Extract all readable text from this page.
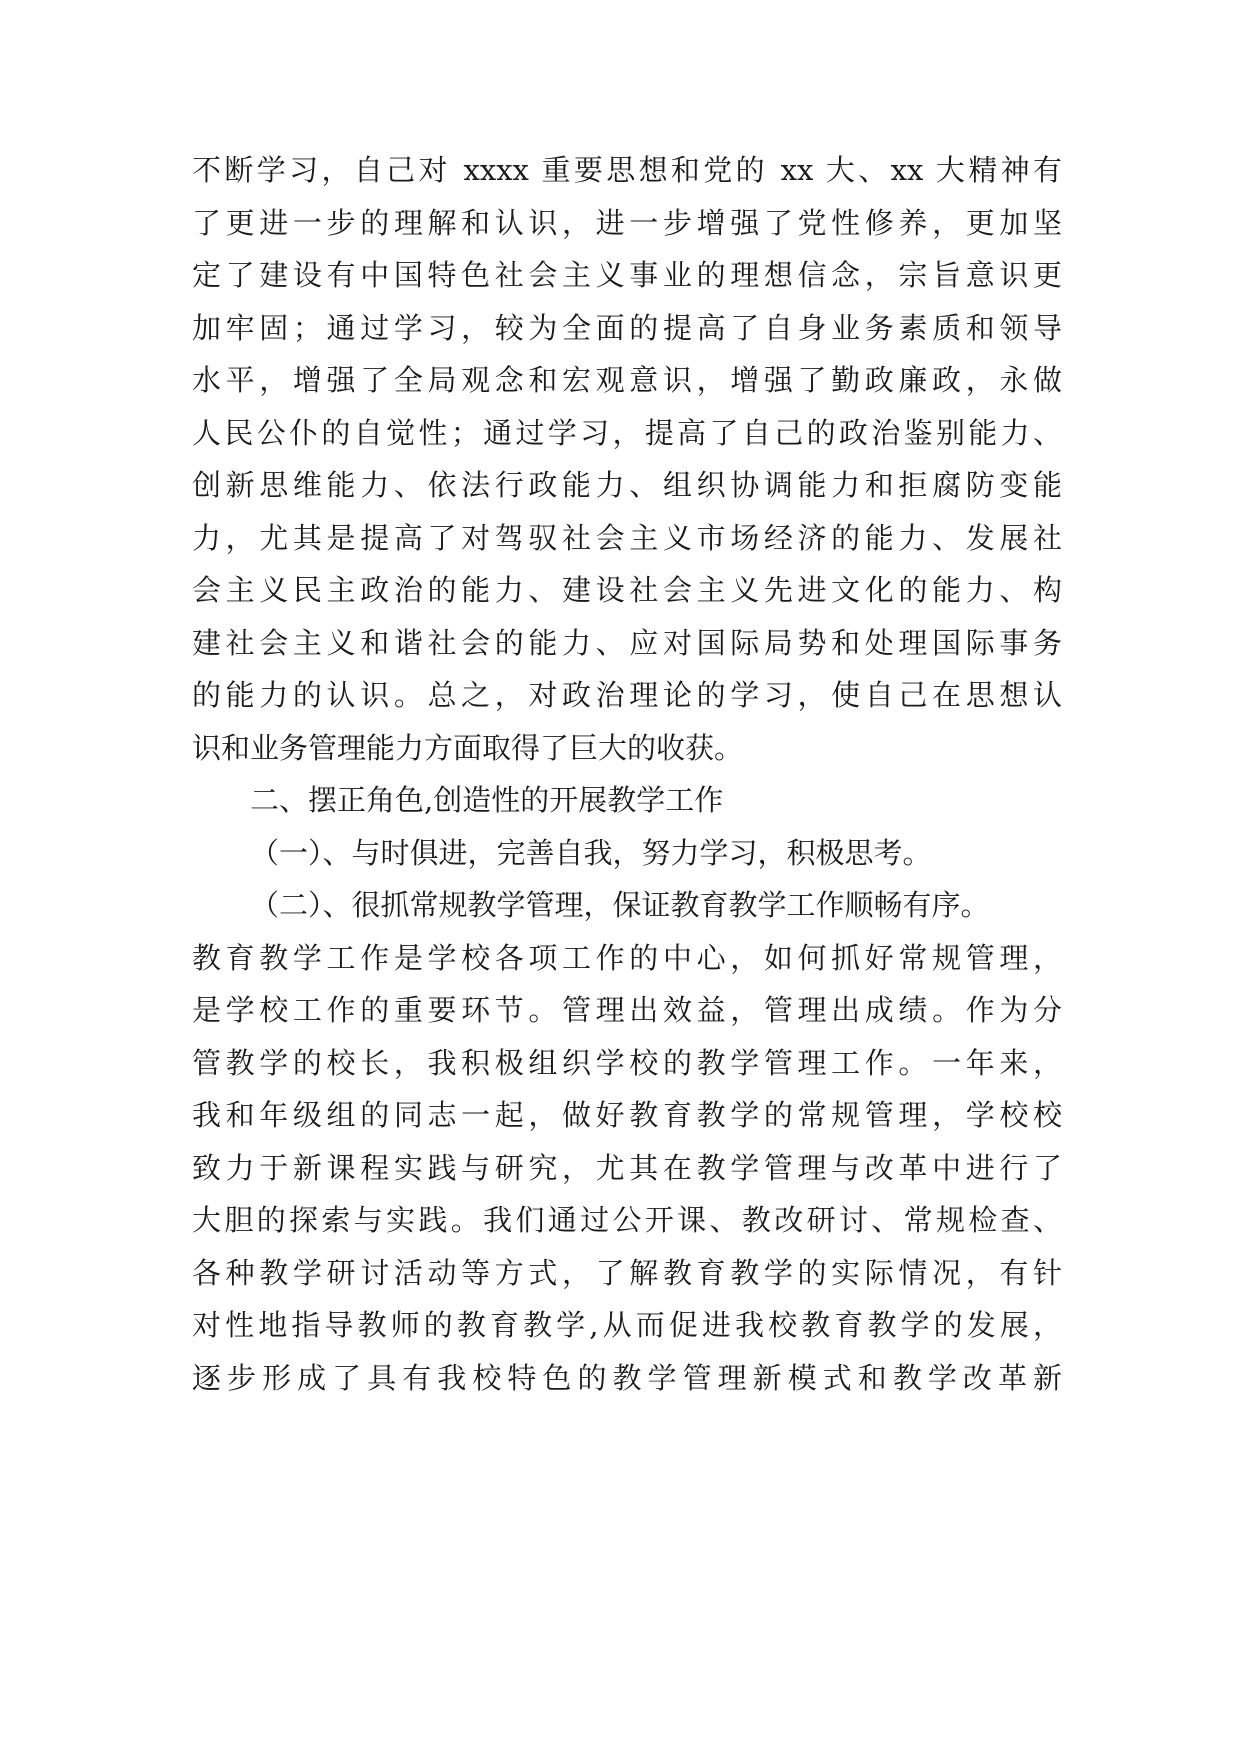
不断学习，自己对 xxxx 重要思想和党的 xx 大、xx 大精神有
了更进一步的理解和认识，进一步增强了党性修养，更加坚
定了建设有中国特色社会主义事业的理想信念，宗旨意识更
加牢固；通过学习，较为全面的提高了自身业务素质和领导
水平，增强了全局观念和宏观意识，增强了勤政廉政，永做
人民公仆的自觉性；通过学习，提高了自己的政治鉴别能力、
创新思维能力、依法行政能力、组织协调能力和拒腐防变能
力，尤其是提高了对驾驭社会主义市场经济的能力、发展社
会主义民主政治的能力、建设社会主义先进文化的能力、构
建社会主义和谐社会的能力、应对国际局势和处理国际事务
的能力的认识。总之，对政治理论的学习，使自己在思想认
识和业务管理能力方面取得了巨大的收获。
二、摆正角色,创造性的开展教学工作
（一）、与时俱进，完善自我，努力学习，积极思考。
（二）、很抓常规教学管理，保证教育教学工作顺畅有序。
教育教学工作是学校各项工作的中心，如何抓好常规管理，
是学校工作的重要环节。管理出效益，管理出成绩。作为分
管教学的校长，我积极组织学校的教学管理工作。一年来，
我和年级组的同志一起，做好教育教学的常规管理，学校校
致力于新课程实践与研究，尤其在教学管理与改革中进行了
大胆的探索与实践。我们通过公开课、教改研讨、常规检查、
各种教学研讨活动等方式，了解教育教学的实际情况，有针
对性地指导教师的教育教学,从而促进我校教育教学的发展，
逐步形成了具有我校特色的教学管理新模式和教学改革新
